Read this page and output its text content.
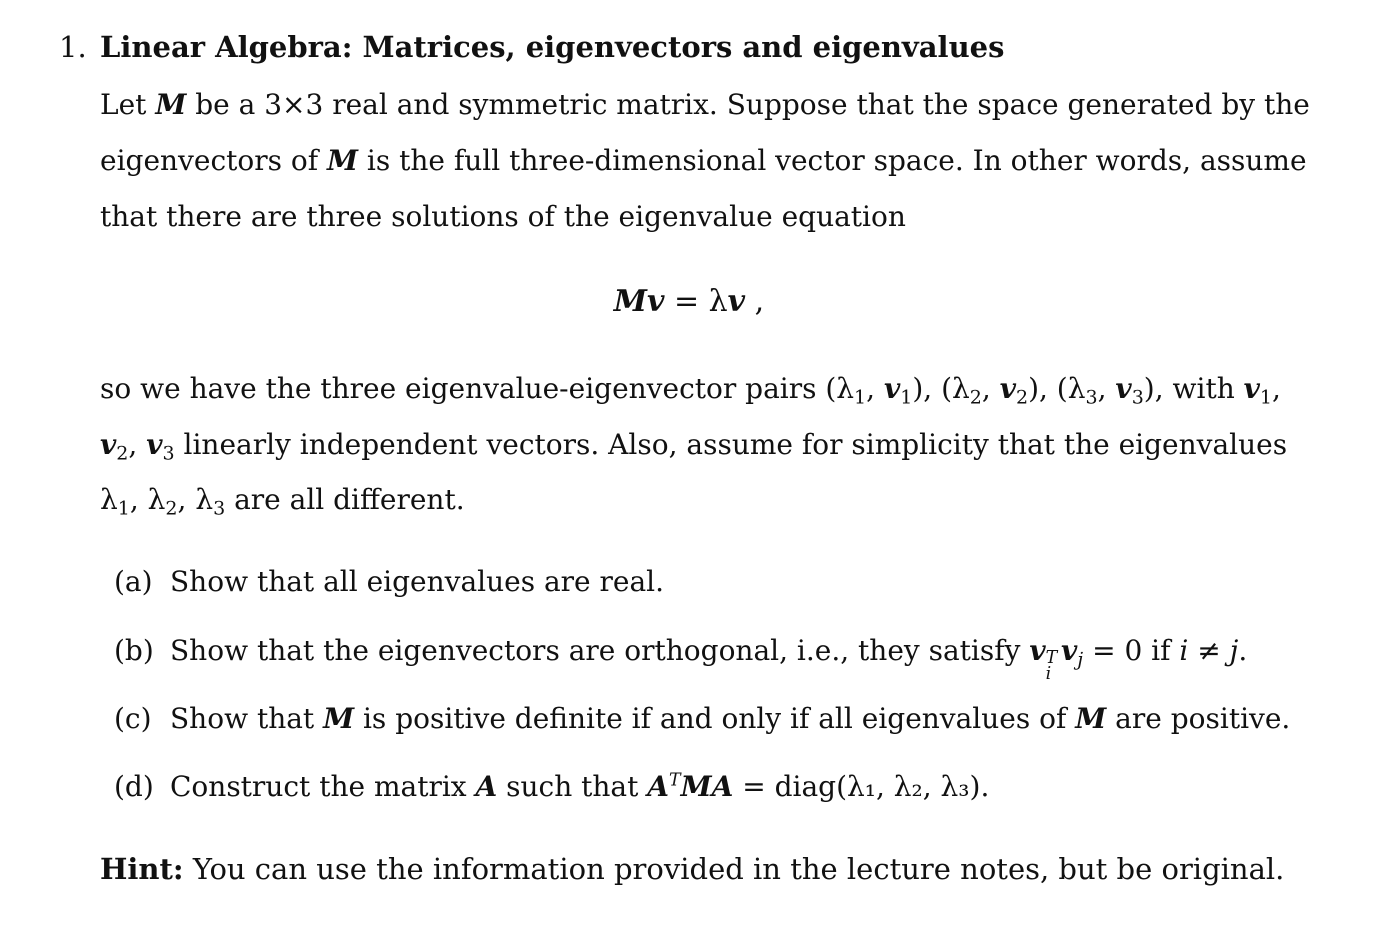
1. Linear Algebra: Matrices, eigenvectors and eigenvalues
Let M be a 3×3 real and symmetric matrix. Suppose that the space generated by the
eigenvectors of M is the full three-dimensional vector space. In other words, assume
that there are three solutions of the eigenvalue equation
Mv = λv ,
so we have the three eigenvalue-eigenvector pairs ($\lambda_1$, $v_1$), ($\lambda_2$, $v_2$), ($\lambda_3$, $v_3$), with $v_1$,
$v_2$, $v_3$ linearly independent vectors. Also, assume for simplicity that the eigenvalues
$\lambda_1$, $\lambda_2$, $\lambda_3$ are all different.
(a) Show that all eigenvalues are real.
(b) Show that the eigenvectors are orthogonal, i.e., they satisfy v T
i
$v_j = 0$ if i ≠ j.
(c) Show that M is positive definite if and only if all eigenvalues of M are positive.
(d) Construct the matrix A such that $A^TMA$ = diag(λ₁, λ₂, λ₃).
Hint: You can use the information provided in the lecture notes, but be original.
